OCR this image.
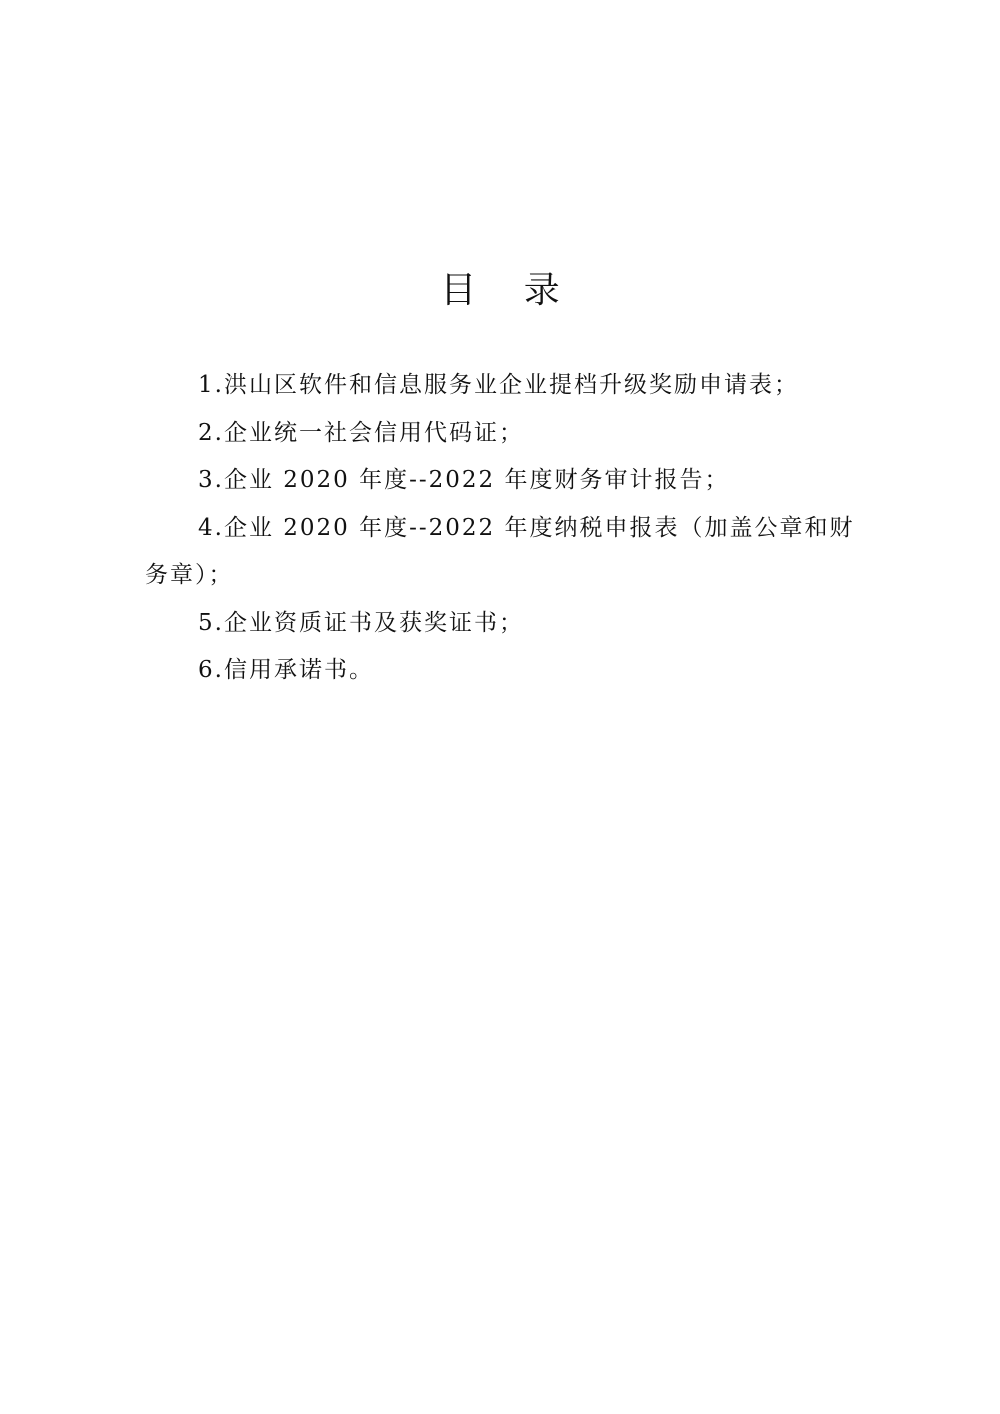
目 录
1.洪山区软件和信息服务业企业提档升级奖励申请表；
2.企业统一社会信用代码证；
3.企业 2020 年度--2022 年度财务审计报告；
4.企业 2020 年度--2022 年度纳税申报表（加盖公章和财务章）；
5.企业资质证书及获奖证书；
6.信用承诺书。
